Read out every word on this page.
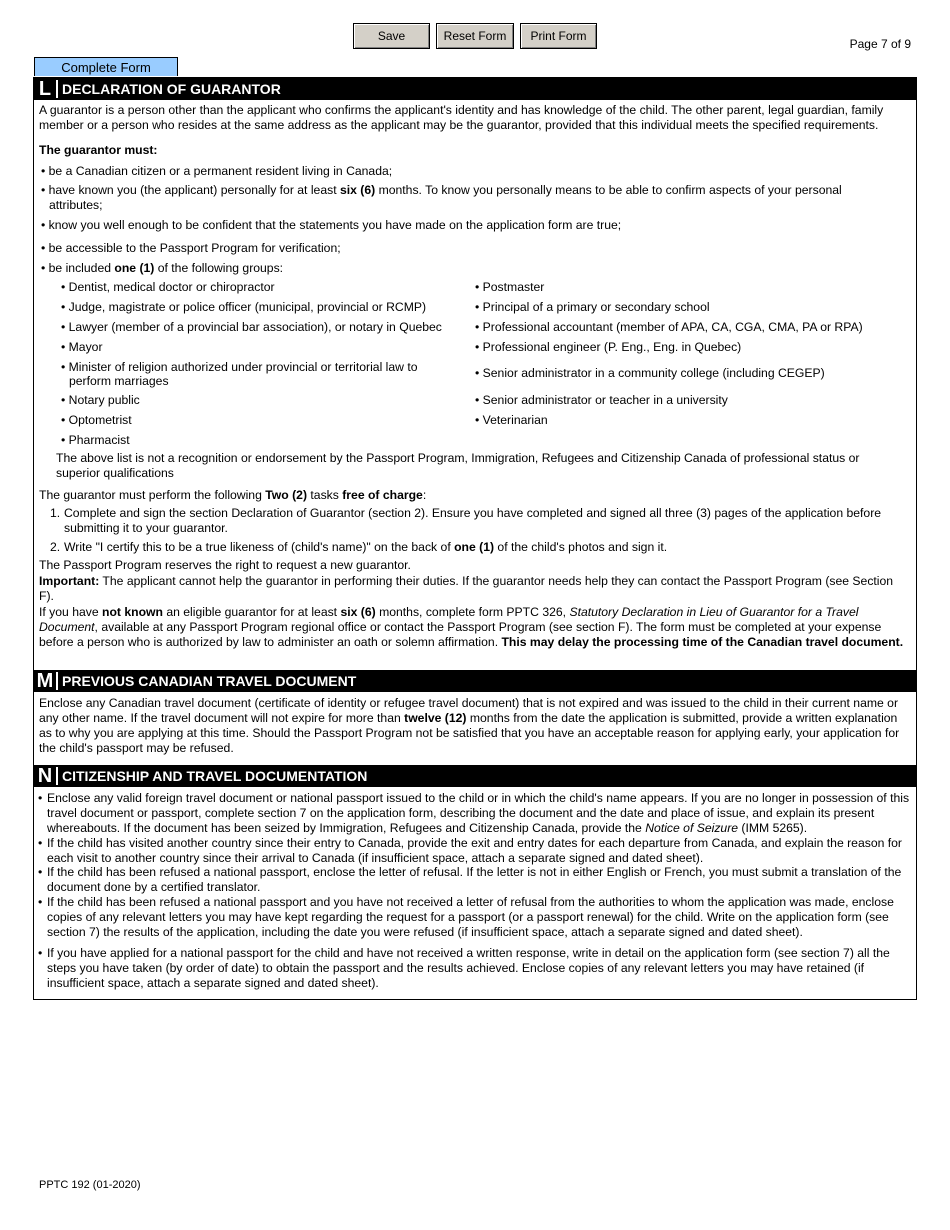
Save	Reset Form	Print Form
Page 7 of 9
Complete Form
L DECLARATION OF GUARANTOR

A guarantor is a person other than the applicant who confirms the applicant's identity and has knowledge of the child. The other parent, legal guardian, family member or a person who resides at the same address as the applicant may be the guarantor, provided that this individual meets the specified requirements.

The guarantor must:

• be a Canadian citizen or a permanent resident living in Canada;

• have known you (the applicant) personally for at least six (6) months. To know you personally means to be able to confirm aspects of your personal

attributes;

• know you well enough to be confident that the statements you have made on the application form are true;

• be accessible to the Passport Program for verification;

• be included one (1) of the following groups:

• Dentist, medical doctor or chiropractor

• Judge, magistrate or police officer (municipal, provincial or RCMP)

• Lawyer (member of a provincial bar association), or notary in Quebec

• Mayor

• Minister of religion authorized under provincial or territorial law to

perform marriages

• Notary public

• Optometrist

• Pharmacist

• Postmaster

• Principal of a primary or secondary school

• Professional accountant (member of APA, CA, CGA, CMA, PA or RPA)

• Professional engineer (P. Eng., Eng. in Quebec)

• Senior administrator in a community college (including CEGEP)

• Senior administrator or teacher in a university

• Veterinarian

The above list is not a recognition or endorsement by the Passport Program, Immigration, Refugees and Citizenship Canada of professional status or superior qualifications

The guarantor must perform the following Two (2) tasks free of charge:

1. Complete and sign the section Declaration of Guarantor (section 2). Ensure you have completed and signed all three (3) pages of the application before submitting it to your guarantor.

2. Write "I certify this to be a true likeness of (child's name)" on the back of one (1) of the child's photos and sign it.

The Passport Program reserves the right to request a new guarantor.

Important: The applicant cannot help the guarantor in performing their duties. If the guarantor needs help they can contact the Passport Program (see Section F).

If you have not known an eligible guarantor for at least six (6) months, complete form PPTC 326, Statutory Declaration in Lieu of Guarantor for a Travel Document, available at any Passport Program regional office or contact the Passport Program (see section F). The form must be completed at your expense before a person who is authorized by law to administer an oath or solemn affirmation. This may delay the processing time of the Canadian travel document.

M PREVIOUS CANADIAN TRAVEL DOCUMENT

Enclose any Canadian travel document (certificate of identity or refugee travel document) that is not expired and was issued to the child in their current name or any other name. If the travel document will not expire for more than twelve (12) months from the date the application is submitted, provide a written explanation as to why you are applying at this time. Should the Passport Program not be satisfied that you have an acceptable reason for applying early, your application for the child's passport may be refused.

N CITIZENSHIP AND TRAVEL DOCUMENTATION

• Enclose any valid foreign travel document or national passport issued to the child or in which the child's name appears. If you are no longer in possession of this travel document or passport, complete section 7 on the application form, describing the document and the date and place of issue, and explain its present whereabouts. If the document has been seized by Immigration, Refugees and Citizenship Canada, provide the Notice of Seizure (IMM 5265).

• If the child has visited another country since their entry to Canada, provide the exit and entry dates for each departure from Canada, and explain the reason for each visit to another country since their arrival to Canada (if insufficient space, attach a separate signed and dated sheet).

• If the child has been refused a national passport, enclose the letter of refusal. If the letter is not in either English or French, you must submit a translation of the document done by a certified translator.

• If the child has been refused a national passport and you have not received a letter of refusal from the authorities to whom the application was made, enclose copies of any relevant letters you may have kept regarding the request for a passport (or a passport renewal) for the child. Write on the application form (see section 7) the results of the application, including the date you were refused (if insufficient space, attach a separate signed and dated sheet).

• If you have applied for a national passport for the child and have not received a written response, write in detail on the application form (see section 7) all the steps you have taken (by order of date) to obtain the passport and the results achieved. Enclose copies of any relevant letters you may have retained (if insufficient space, attach a separate signed and dated sheet).

PPTC 192 (01-2020)
